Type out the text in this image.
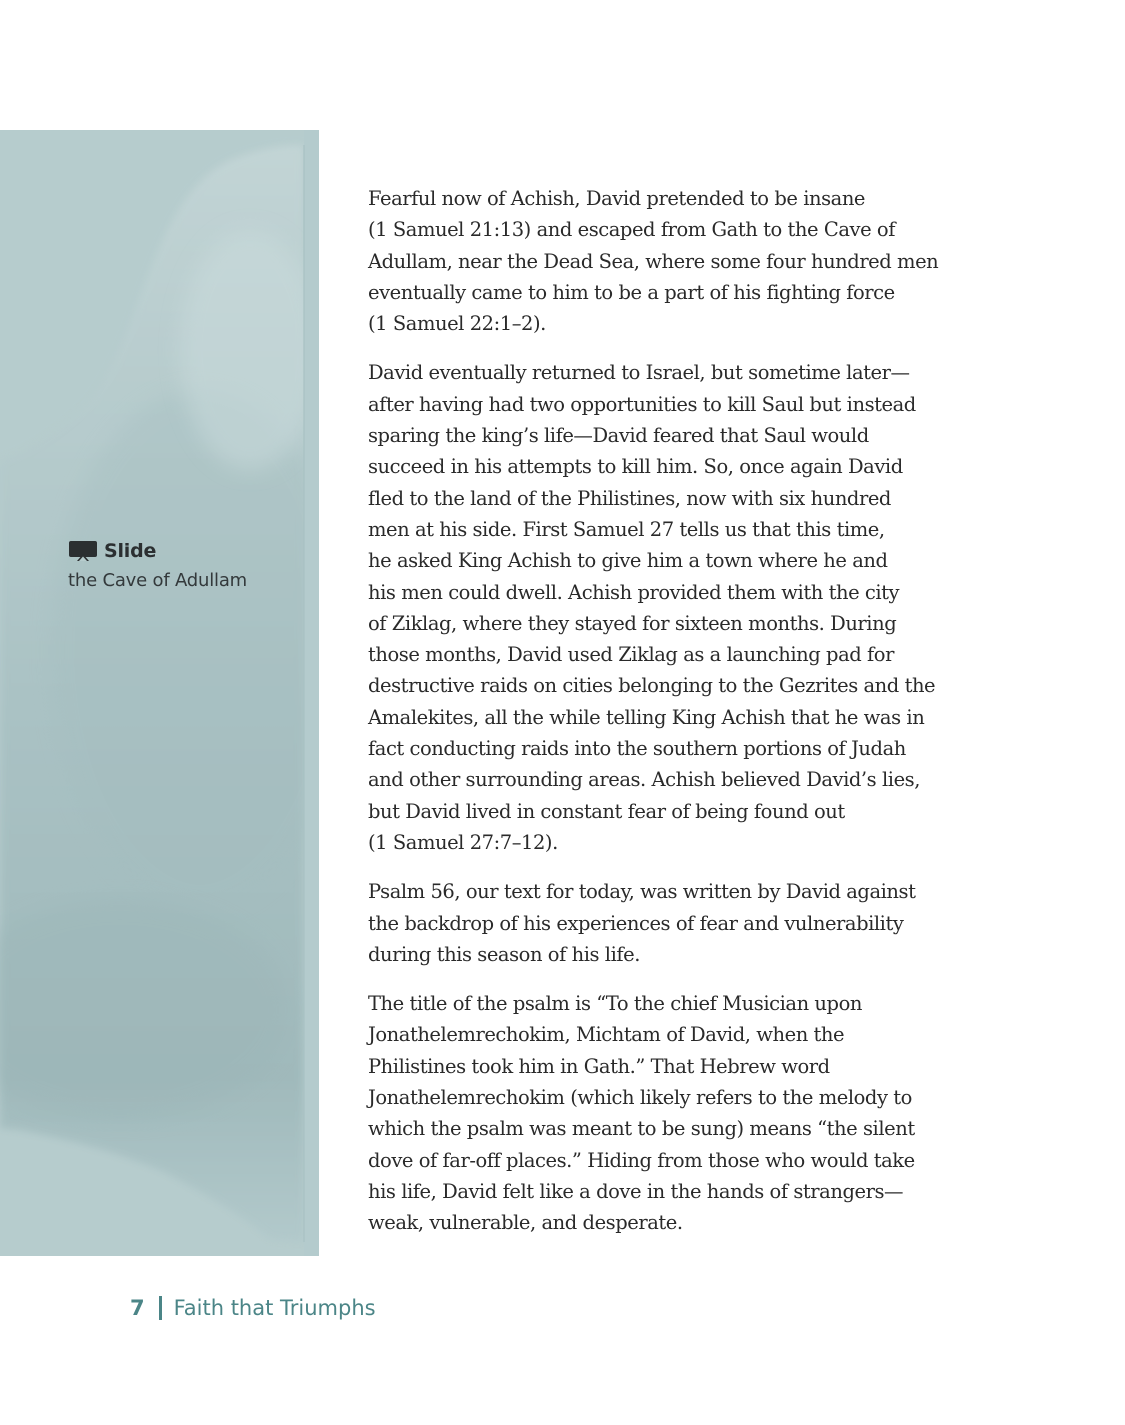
Slide
the Cave of Adullam

Fearful now of Achish, David pretended to be insane
(1 Samuel 21:13) and escaped from Gath to the Cave of
Adullam, near the Dead Sea, where some four hundred men
eventually came to him to be a part of his fighting force
(1 Samuel 22:1–2).

David eventually returned to Israel, but sometime later—
after having had two opportunities to kill Saul but instead
sparing the king’s life—David feared that Saul would
succeed in his attempts to kill him. So, once again David
fled to the land of the Philistines, now with six hundred
men at his side. First Samuel 27 tells us that this time,
he asked King Achish to give him a town where he and
his men could dwell. Achish provided them with the city
of Ziklag, where they stayed for sixteen months. During
those months, David used Ziklag as a launching pad for
destructive raids on cities belonging to the Gezrites and the
Amalekites, all the while telling King Achish that he was in
fact conducting raids into the southern portions of Judah
and other surrounding areas. Achish believed David’s lies,
but David lived in constant fear of being found out
(1 Samuel 27:7–12).

Psalm 56, our text for today, was written by David against
the backdrop of his experiences of fear and vulnerability
during this season of his life.

The title of the psalm is “To the chief Musician upon
Jonathelemrechokim, Michtam of David, when the
Philistines took him in Gath.” That Hebrew word
Jonathelemrechokim (which likely refers to the melody to
which the psalm was meant to be sung) means “the silent
dove of far-off places.” Hiding from those who would take
his life, David felt like a dove in the hands of strangers—
weak, vulnerable, and desperate.

7 Faith that Triumphs
